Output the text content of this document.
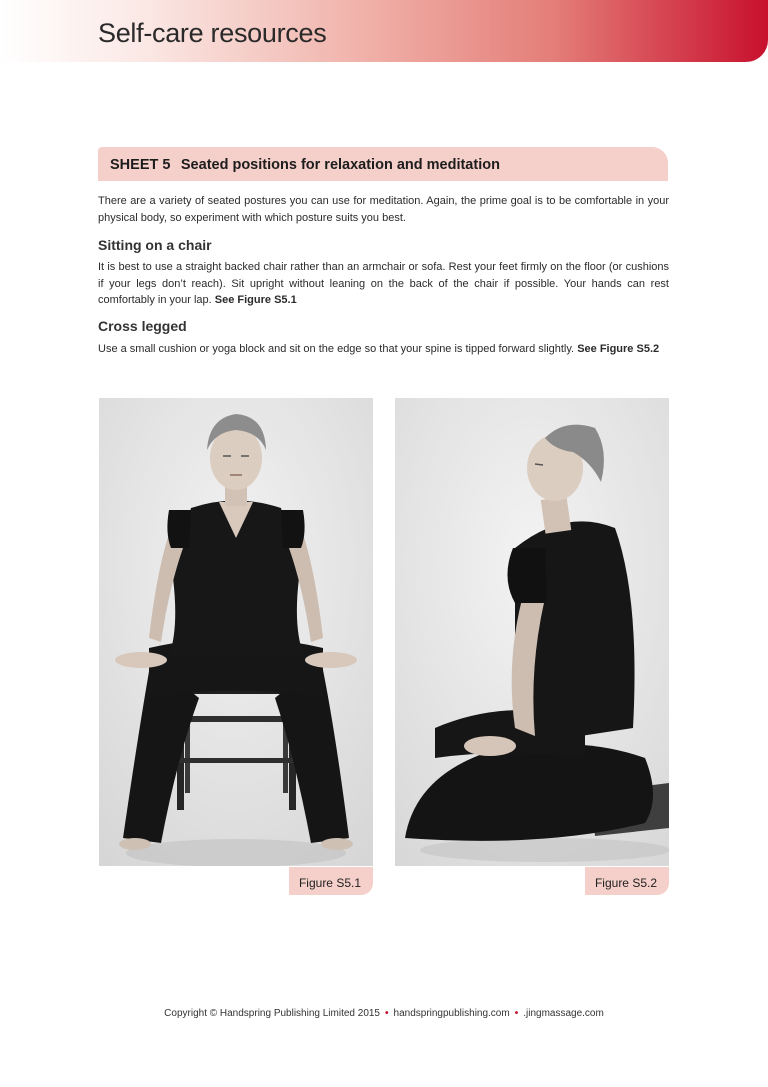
Self-care resources
SHEET 5 Seated positions for relaxation and meditation
There are a variety of seated postures you can use for meditation. Again, the prime goal is to be comfortable in your physical body, so experiment with which posture suits you best.
Sitting on a chair
It is best to use a straight backed chair rather than an armchair or sofa. Rest your feet firmly on the floor (or cushions if your legs don’t reach). Sit upright without leaning on the back of the chair if possible. Your hands can rest comfortably in your lap. See Figure S5.1
Cross legged
Use a small cushion or yoga block and sit on the edge so that your spine is tipped forward slightly. See Figure S5.2
Figure S5.1	Figure S5.2
Copyright © Handspring Publishing Limited 2015 • handspringpublishing.com • .jingmassage.com
